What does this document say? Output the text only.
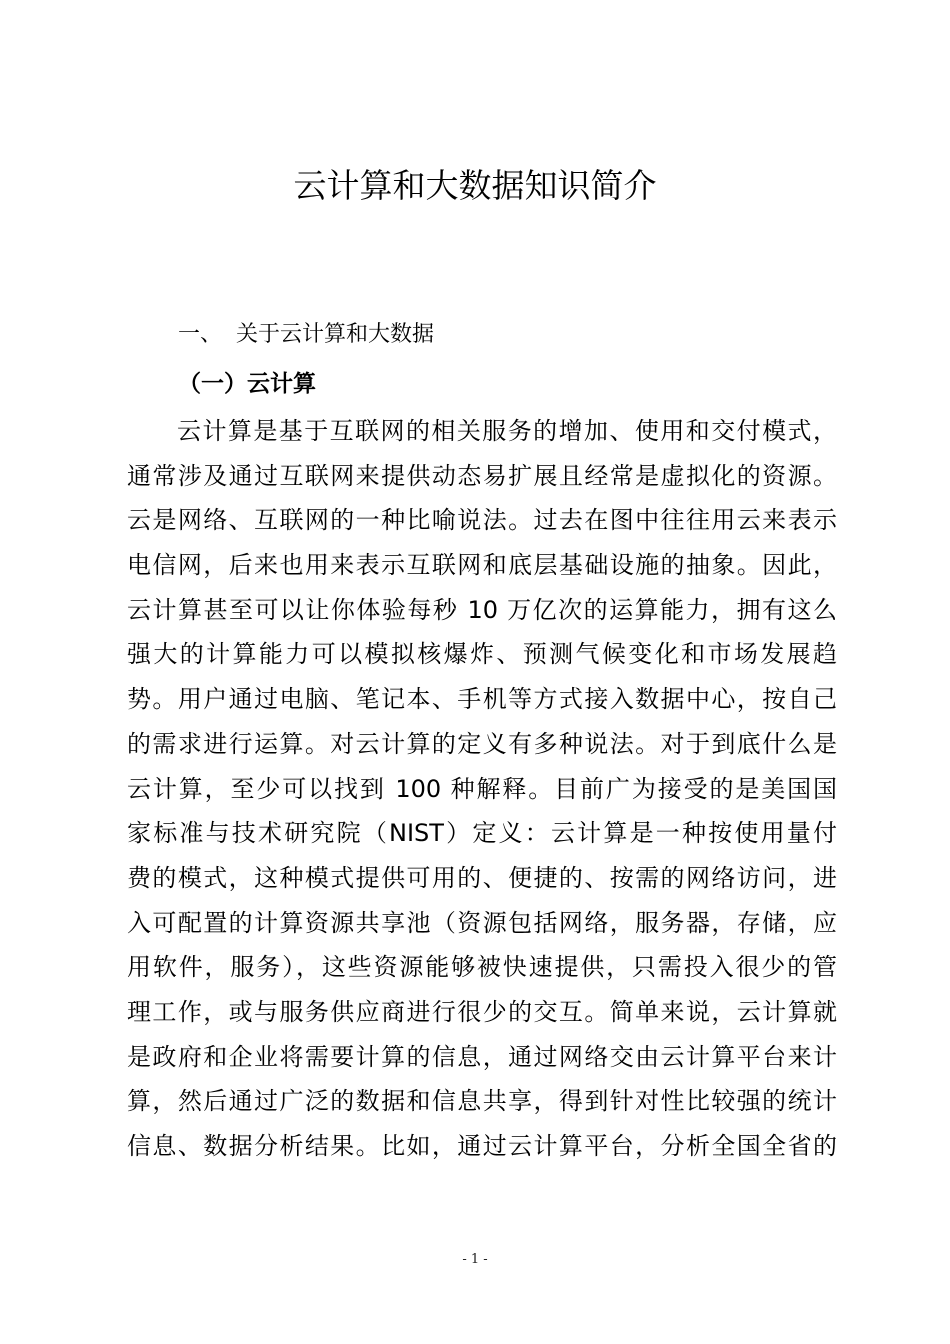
云计算和大数据知识简介

一、 关于云计算和大数据

（一）云计算

云计算是基于互联网的相关服务的增加、使用和交付模式，
通常涉及通过互联网来提供动态易扩展且经常是虚拟化的资源。
云是网络、互联网的一种比喻说法。过去在图中往往用云来表示
电信网，后来也用来表示互联网和底层基础设施的抽象。因此，
云计算甚至可以让你体验每秒 10 万亿次的运算能力，拥有这么
强大的计算能力可以模拟核爆炸、预测气候变化和市场发展趋
势。用户通过电脑、笔记本、手机等方式接入数据中心，按自己
的需求进行运算。对云计算的定义有多种说法。对于到底什么是
云计算，至少可以找到 100 种解释。目前广为接受的是美国国
家标准与技术研究院（NIST）定义：云计算是一种按使用量付
费的模式，这种模式提供可用的、便捷的、按需的网络访问，进
入可配置的计算资源共享池（资源包括网络，服务器，存储，应
用软件，服务），这些资源能够被快速提供，只需投入很少的管
理工作，或与服务供应商进行很少的交互。简单来说，云计算就
是政府和企业将需要计算的信息，通过网络交由云计算平台来计
算，然后通过广泛的数据和信息共享，得到针对性比较强的统计
信息、数据分析结果。比如，通过云计算平台，分析全国全省的
- 1 -
